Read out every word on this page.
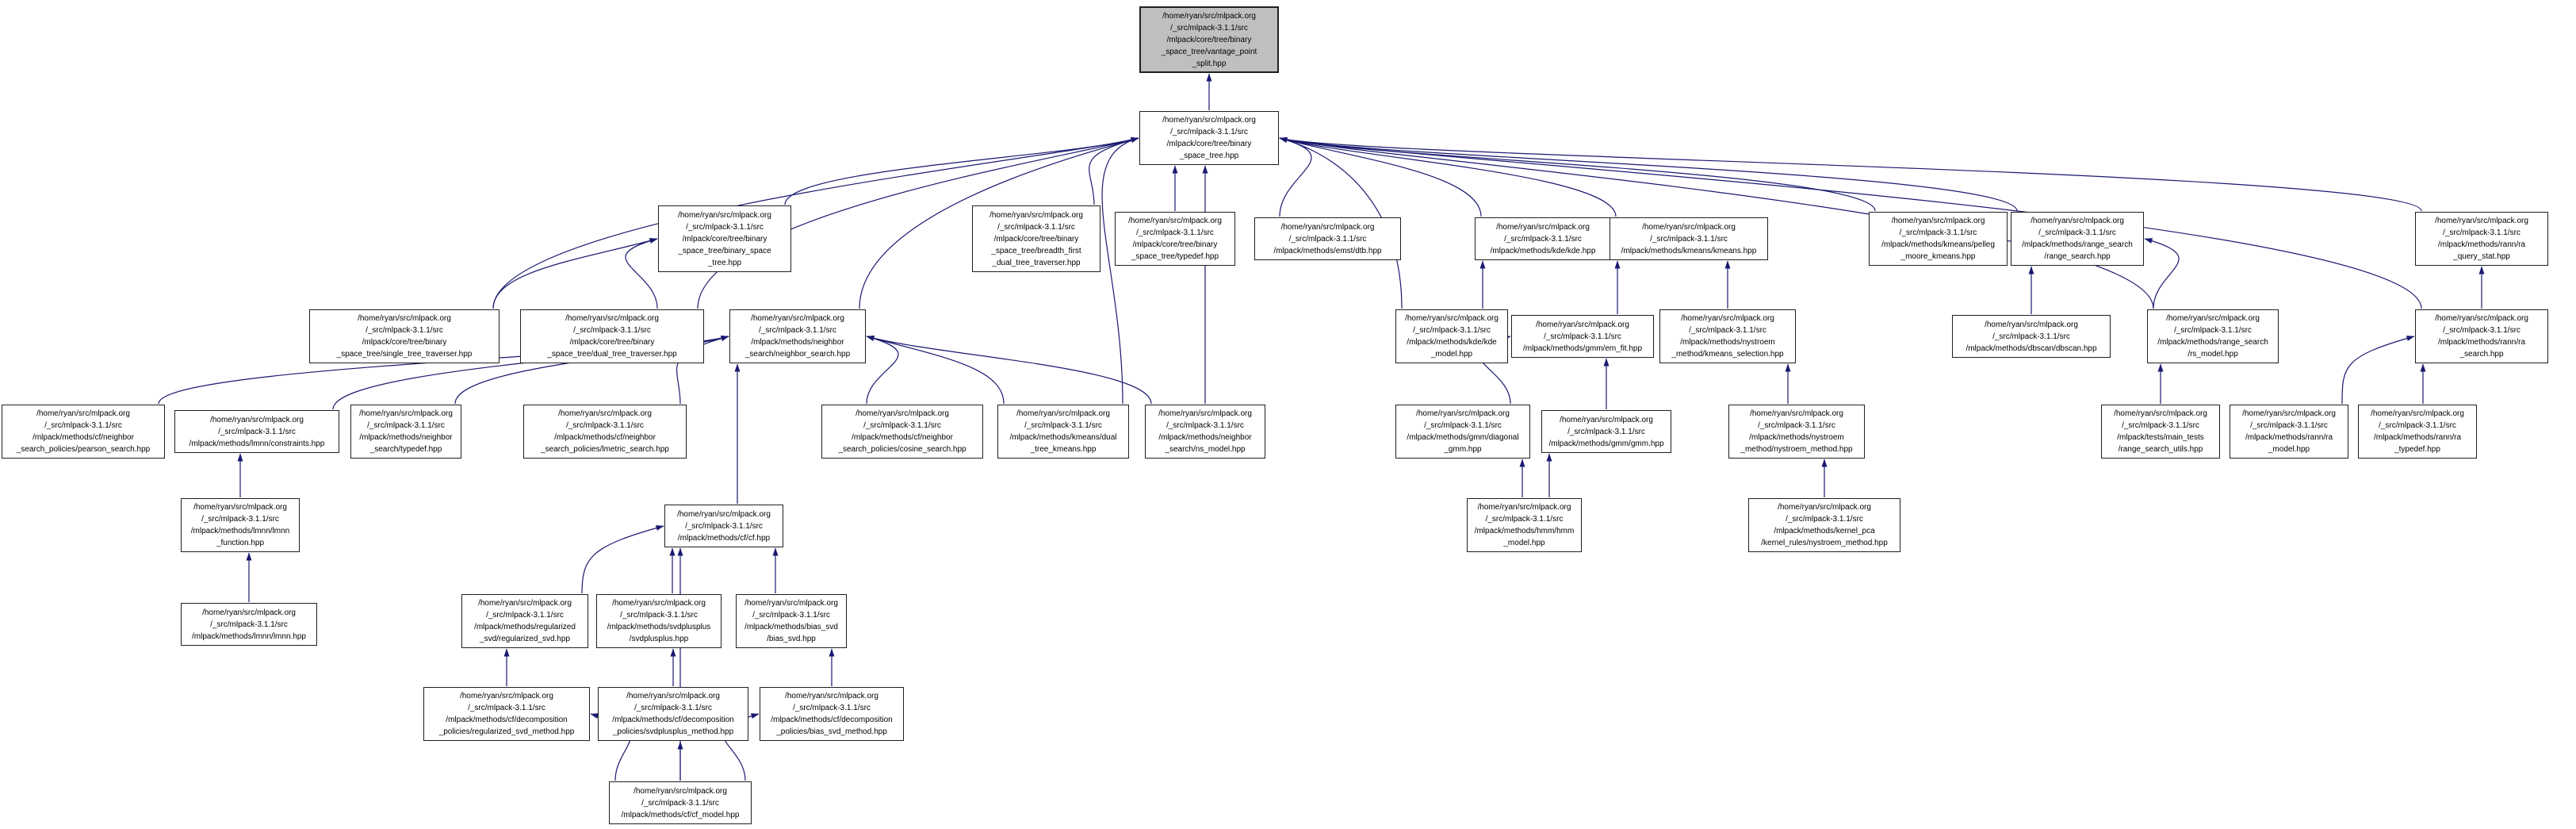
/home/ryan/src/mlpack.org
/_src/mlpack-3.1.1/src
/mlpack/core/tree/binary
_space_tree/vantage_point
_split.hpp
/home/ryan/src/mlpack.org
/_src/mlpack-3.1.1/src
/mlpack/core/tree/binary
_space_tree.hpp
/home/ryan/src/mlpack.org
/_src/mlpack-3.1.1/src
/mlpack/core/tree/binary
_space_tree/binary_space
_tree.hpp
/home/ryan/src/mlpack.org
/_src/mlpack-3.1.1/src
/mlpack/core/tree/binary
_space_tree/breadth_first
_dual_tree_traverser.hpp
/home/ryan/src/mlpack.org
/_src/mlpack-3.1.1/src
/mlpack/core/tree/binary
_space_tree/typedef.hpp
/home/ryan/src/mlpack.org
/_src/mlpack-3.1.1/src
/mlpack/methods/emst/dtb.hpp
/home/ryan/src/mlpack.org
/_src/mlpack-3.1.1/src
/mlpack/methods/kde/kde.hpp
/home/ryan/src/mlpack.org
/_src/mlpack-3.1.1/src
/mlpack/methods/kmeans/kmeans.hpp
/home/ryan/src/mlpack.org
/_src/mlpack-3.1.1/src
/mlpack/methods/kmeans/pelleg
_moore_kmeans.hpp
/home/ryan/src/mlpack.org
/_src/mlpack-3.1.1/src
/mlpack/methods/range_search
/range_search.hpp
/home/ryan/src/mlpack.org
/_src/mlpack-3.1.1/src
/mlpack/methods/rann/ra
_query_stat.hpp
/home/ryan/src/mlpack.org
/_src/mlpack-3.1.1/src
/mlpack/core/tree/binary
_space_tree/single_tree_traverser.hpp
/home/ryan/src/mlpack.org
/_src/mlpack-3.1.1/src
/mlpack/core/tree/binary
_space_tree/dual_tree_traverser.hpp
/home/ryan/src/mlpack.org
/_src/mlpack-3.1.1/src
/mlpack/methods/neighbor
_search/neighbor_search.hpp
/home/ryan/src/mlpack.org
/_src/mlpack-3.1.1/src
/mlpack/methods/kde/kde
_model.hpp
/home/ryan/src/mlpack.org
/_src/mlpack-3.1.1/src
/mlpack/methods/gmm/em_fit.hpp
/home/ryan/src/mlpack.org
/_src/mlpack-3.1.1/src
/mlpack/methods/nystroem
_method/kmeans_selection.hpp
/home/ryan/src/mlpack.org
/_src/mlpack-3.1.1/src
/mlpack/methods/dbscan/dbscan.hpp
/home/ryan/src/mlpack.org
/_src/mlpack-3.1.1/src
/mlpack/methods/range_search
/rs_model.hpp
/home/ryan/src/mlpack.org
/_src/mlpack-3.1.1/src
/mlpack/methods/rann/ra
_search.hpp
/home/ryan/src/mlpack.org
/_src/mlpack-3.1.1/src
/mlpack/methods/cf/neighbor
_search_policies/pearson_search.hpp
/home/ryan/src/mlpack.org
/_src/mlpack-3.1.1/src
/mlpack/methods/lmnn/constraints.hpp
/home/ryan/src/mlpack.org
/_src/mlpack-3.1.1/src
/mlpack/methods/neighbor
_search/typedef.hpp
/home/ryan/src/mlpack.org
/_src/mlpack-3.1.1/src
/mlpack/methods/cf/neighbor
_search_policies/lmetric_search.hpp
/home/ryan/src/mlpack.org
/_src/mlpack-3.1.1/src
/mlpack/methods/cf/neighbor
_search_policies/cosine_search.hpp
/home/ryan/src/mlpack.org
/_src/mlpack-3.1.1/src
/mlpack/methods/kmeans/dual
_tree_kmeans.hpp
/home/ryan/src/mlpack.org
/_src/mlpack-3.1.1/src
/mlpack/methods/neighbor
_search/ns_model.hpp
/home/ryan/src/mlpack.org
/_src/mlpack-3.1.1/src
/mlpack/methods/gmm/diagonal
_gmm.hpp
/home/ryan/src/mlpack.org
/_src/mlpack-3.1.1/src
/mlpack/methods/gmm/gmm.hpp
/home/ryan/src/mlpack.org
/_src/mlpack-3.1.1/src
/mlpack/methods/nystroem
_method/nystroem_method.hpp
/home/ryan/src/mlpack.org
/_src/mlpack-3.1.1/src
/mlpack/tests/main_tests
/range_search_utils.hpp
/home/ryan/src/mlpack.org
/_src/mlpack-3.1.1/src
/mlpack/methods/rann/ra
_model.hpp
/home/ryan/src/mlpack.org
/_src/mlpack-3.1.1/src
/mlpack/methods/rann/ra
_typedef.hpp
/home/ryan/src/mlpack.org
/_src/mlpack-3.1.1/src
/mlpack/methods/lmnn/lmnn
_function.hpp
/home/ryan/src/mlpack.org
/_src/mlpack-3.1.1/src
/mlpack/methods/cf/cf.hpp
/home/ryan/src/mlpack.org
/_src/mlpack-3.1.1/src
/mlpack/methods/hmm/hmm
_model.hpp
/home/ryan/src/mlpack.org
/_src/mlpack-3.1.1/src
/mlpack/methods/kernel_pca
/kernel_rules/nystroem_method.hpp
/home/ryan/src/mlpack.org
/_src/mlpack-3.1.1/src
/mlpack/methods/lmnn/lmnn.hpp
/home/ryan/src/mlpack.org
/_src/mlpack-3.1.1/src
/mlpack/methods/regularized
_svd/regularized_svd.hpp
/home/ryan/src/mlpack.org
/_src/mlpack-3.1.1/src
/mlpack/methods/svdplusplus
/svdplusplus.hpp
/home/ryan/src/mlpack.org
/_src/mlpack-3.1.1/src
/mlpack/methods/bias_svd
/bias_svd.hpp
/home/ryan/src/mlpack.org
/_src/mlpack-3.1.1/src
/mlpack/methods/cf/decomposition
_policies/regularized_svd_method.hpp
/home/ryan/src/mlpack.org
/_src/mlpack-3.1.1/src
/mlpack/methods/cf/decomposition
_policies/svdplusplus_method.hpp
/home/ryan/src/mlpack.org
/_src/mlpack-3.1.1/src
/mlpack/methods/cf/decomposition
_policies/bias_svd_method.hpp
/home/ryan/src/mlpack.org
/_src/mlpack-3.1.1/src
/mlpack/methods/cf/cf_model.hpp
